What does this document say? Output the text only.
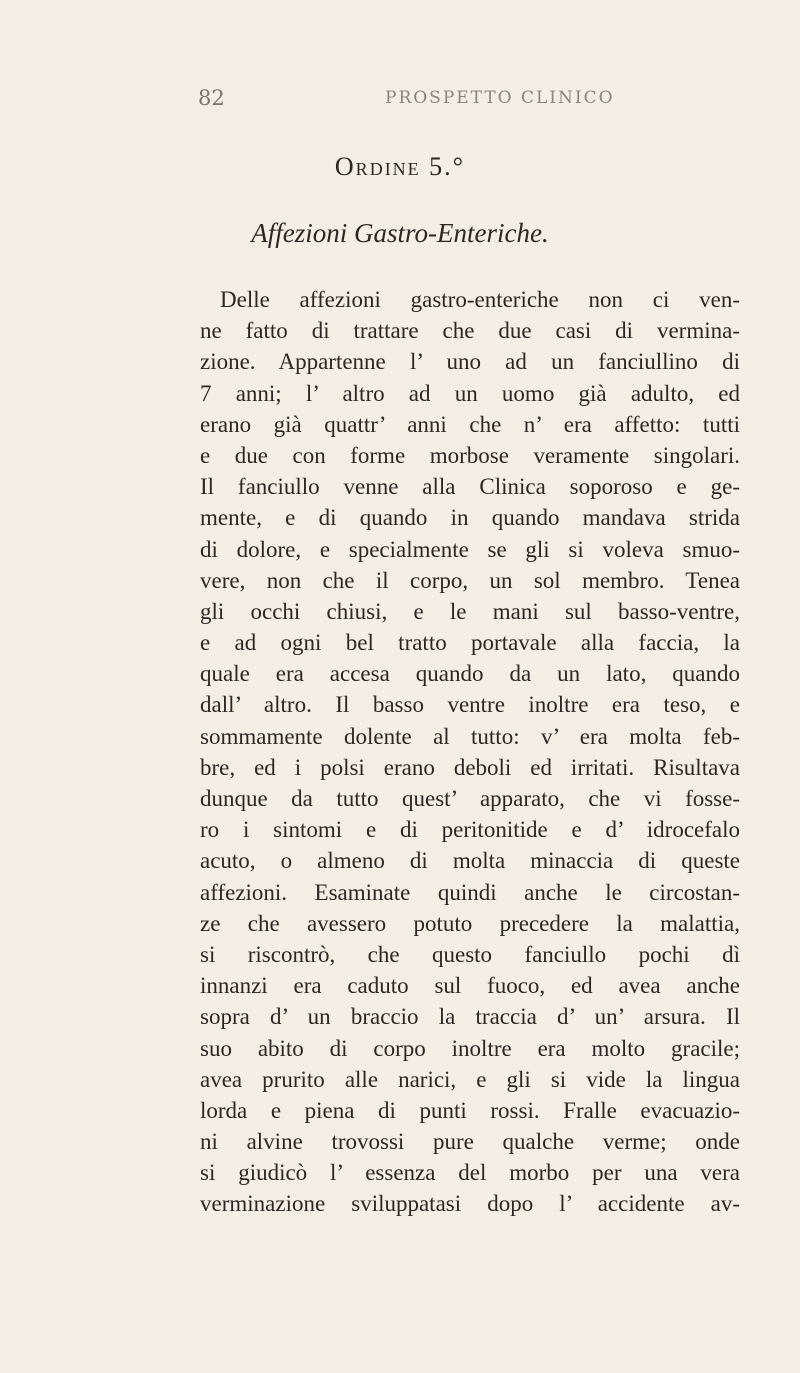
82	PROSPETTO CLINICO
Ordine 5.°
Affezioni Gastro-Enteriche.
Delle affezioni gastro-enteriche non ci ven-
ne fatto di trattare che due casi di vermina-
zione. Appartenne l’ uno ad un fanciullino di
7 anni; l’ altro ad un uomo già adulto, ed
erano già quattr’ anni che n’ era affetto: tutti
e due con forme morbose veramente singolari.
Il fanciullo venne alla Clinica soporoso e ge-
mente, e di quando in quando mandava strida
di dolore, e specialmente se gli si voleva smuo-
vere, non che il corpo, un sol membro. Tenea
gli occhi chiusi, e le mani sul basso-ventre,
e ad ogni bel tratto portavale alla faccia, la
quale era accesa quando da un lato, quando
dall’ altro. Il basso ventre inoltre era teso, e
sommamente dolente al tutto: v’ era molta feb-
bre, ed i polsi erano deboli ed irritati. Risultava
dunque da tutto quest’ apparato, che vi fosse-
ro i sintomi e di peritonitide e d’ idrocefalo
acuto, o almeno di molta minaccia di queste
affezioni. Esaminate quindi anche le circostan-
ze che avessero potuto precedere la malattia,
si riscontrò, che questo fanciullo pochi dì
innanzi era caduto sul fuoco, ed avea anche
sopra d’ un braccio la traccia d’ un’ arsura. Il
suo abito di corpo inoltre era molto gracile;
avea prurito alle narici, e gli si vide la lingua
lorda e piena di punti rossi. Fralle evacuazio-
ni alvine trovossi pure qualche verme; onde
si giudicò l’ essenza del morbo per una vera
verminazione sviluppatasi dopo l’ accidente av-
